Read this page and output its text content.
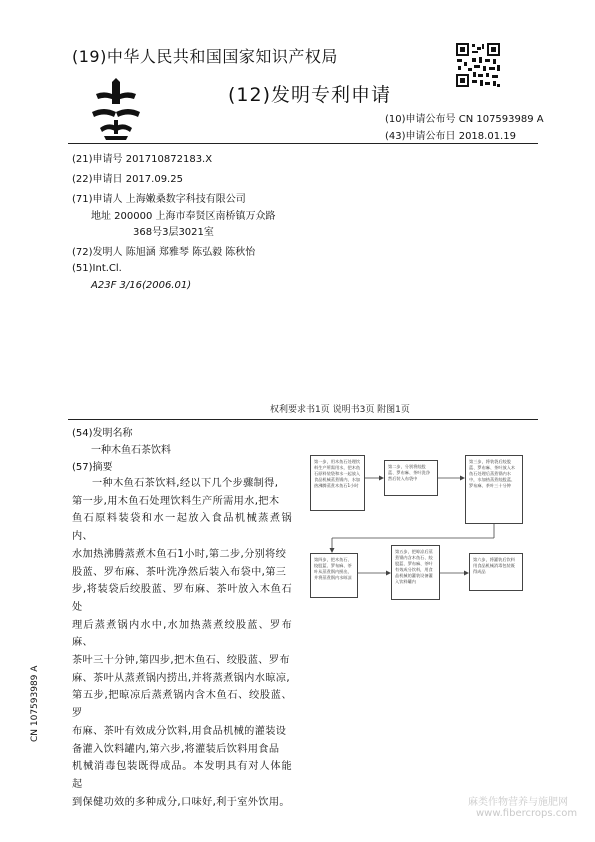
(19)中华人民共和国国家知识产权局
(12)发明专利申请
(10)申请公布号 CN 107593989 A
(43)申请公布日 2018.01.19
(21)申请号 201710872183.X
(22)申请日 2017.09.25
(71)申请人 上海嫩桑数字科技有限公司
地址 200000 上海市奉贤区南桥镇万众路
368号3层3021室
(72)发明人 陈旭涵 郑雅琴 陈弘毅 陈秋怡
(51)Int.Cl.
A23F 3/16(2006.01)
权利要求书1页 说明书3页 附图1页
(54)发明名称
一种木鱼石茶饮料
(57)摘要
一种木鱼石茶饮料,经以下几个步骤制得,
第一步,用木鱼石处理饮料生产所需用水,把木
鱼石原料装袋和水一起放入食品机械蒸煮锅内、
水加热沸腾蒸煮木鱼石1小时,第二步,分别将绞
股蓝、罗布麻、茶叶洗净然后装入布袋中,第三
步,将装袋后绞股蓝、罗布麻、茶叶放入木鱼石处
理后蒸煮锅内水中,水加热蒸煮绞股蓝、罗布麻、
茶叶三十分钟,第四步,把木鱼石、绞股蓝、罗布
麻、茶叶从蒸煮锅内捞出,并将蒸煮锅内水晾凉,
第五步,把晾凉后蒸煮锅内含木鱼石、绞股蓝、罗
布麻、茶叶有效成分饮料,用食品机械的灌装设
备灌入饮料罐内,第六步,将灌装后饮料用食品
机械消毒包装既得成品。本发明具有对人体能起
到保健功效的多种成分,口味好,利于室外饮用。
第一步，用木鱼石处理饮料生产所需用水，把木鱼石原料装袋和水一起放入食品机械蒸煮锅内、水加热沸腾蒸煮木鱼石1小时
第二步，分别将绞股蓝、罗布麻、茶叶洗净然后装入布袋中
第三步，将装袋后绞股蓝、罗布麻、茶叶放入木鱼石处理后蒸煮锅内水中，水加热蒸煮绞股蓝、罗布麻、茶叶三十分钟
第四步，把木鱼石、绞股蓝、罗布麻、茶叶从蒸煮锅内捞出，并将蒸煮锅内水晾凉
第五步，把晾凉后蒸煮锅内含木鱼石、绞股蓝、罗布麻、茶叶有效成分饮料，用食品机械的灌装设备灌入饮料罐内
第六步，将灌装后饮料用食品机械消毒包装既得成品
CN 107593989 A
麻类作物营养与施肥网
www.fibercrops.com
